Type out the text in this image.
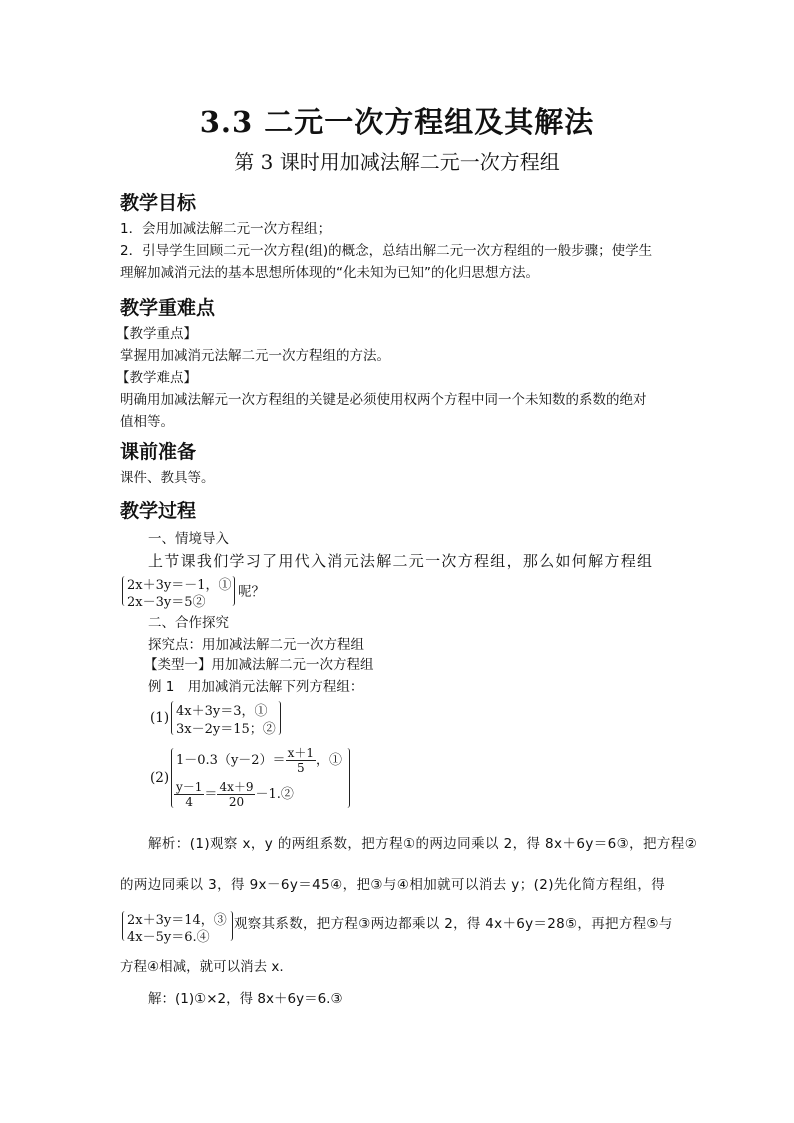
3.3 二元一次方程组及其解法
第 3 课时用加减法解二元一次方程组
教学目标
1．会用加减法解二元一次方程组；
2．引导学生回顾二元一次方程(组)的概念，总结出解二元一次方程组的一般步骤；使学生
理解加减消元法的基本思想所体现的“化未知为已知”的化归思想方法。
教学重难点
【教学重点】
掌握用加减消元法解二元一次方程组的方法。
【教学难点】
明确用加减法解元一次方程组的关键是必须使用权两个方程中同一个未知数的系数的绝对
值相等。
课前准备
课件、教具等。
教学过程
一、情境导入
上节课我们学习了用代入消元法解二元一次方程组，那么如何解方程组
2x＋3y＝－1，①
2x－3y＝5②
呢？
二、合作探究
探究点：用加减法解二元一次方程组
【类型一】用加减法解二元一次方程组
例 1　用加减消元法解下列方程组：
(1) 4x＋3y＝3，①
3x－2y＝15；②
(2)
$1-0.3(y-2)= \frac{x+1}{5}$ ，①
$\frac{y-1}{4} = \frac{4x+9}{20}$ －1.②
解析：(1)观察 x，y 的两组系数，把方程①的两边同乘以 2，得 8x＋6y＝6③，把方程②
的两边同乘以 3，得 9x－6y＝45④，把③与④相加就可以消去 y；(2)先化简方程组，得
2x＋3y＝14，③
4x－5y＝6.④
观察其系数，把方程③两边都乘以 2，得 4x＋6y＝28⑤，再把方程⑤与
方程④相减，就可以消去 x.
解：(1)①×2，得 8x＋6y＝6.③
